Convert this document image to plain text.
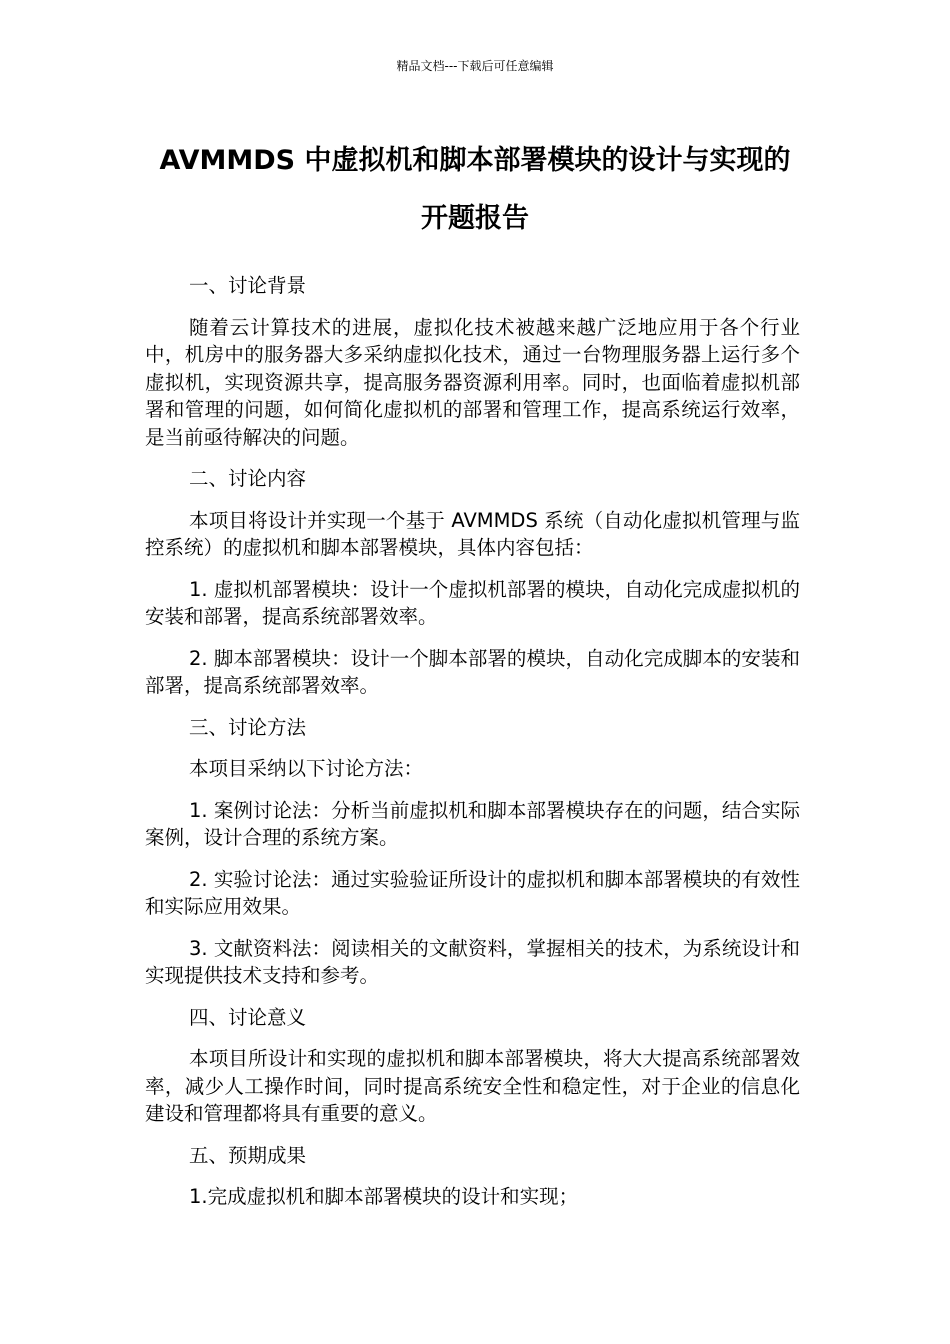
精品文档---下载后可任意编辑
AVMMDS 中虚拟机和脚本部署模块的设计与实现的
开题报告

一、讨论背景

随着云计算技术的进展，虚拟化技术被越来越广泛地应用于各个行业中，机房中的服务器大多采纳虚拟化技术，通过一台物理服务器上运行多个虚拟机，实现资源共享，提高服务器资源利用率。同时，也面临着虚拟机部署和管理的问题，如何简化虚拟机的部署和管理工作，提高系统运行效率，是当前亟待解决的问题。

二、讨论内容

本项目将设计并实现一个基于 AVMMDS 系统（自动化虚拟机管理与监控系统）的虚拟机和脚本部署模块，具体内容包括：

1. 虚拟机部署模块：设计一个虚拟机部署的模块，自动化完成虚拟机的安装和部署，提高系统部署效率。

2. 脚本部署模块：设计一个脚本部署的模块，自动化完成脚本的安装和部署，提高系统部署效率。

三、讨论方法

本项目采纳以下讨论方法：

1. 案例讨论法：分析当前虚拟机和脚本部署模块存在的问题，结合实际案例，设计合理的系统方案。

2. 实验讨论法：通过实验验证所设计的虚拟机和脚本部署模块的有效性和实际应用效果。

3. 文献资料法：阅读相关的文献资料，掌握相关的技术，为系统设计和实现提供技术支持和参考。

四、讨论意义

本项目所设计和实现的虚拟机和脚本部署模块，将大大提高系统部署效率，减少人工操作时间，同时提高系统安全性和稳定性，对于企业的信息化建设和管理都将具有重要的意义。

五、预期成果

1.完成虚拟机和脚本部署模块的设计和实现；
